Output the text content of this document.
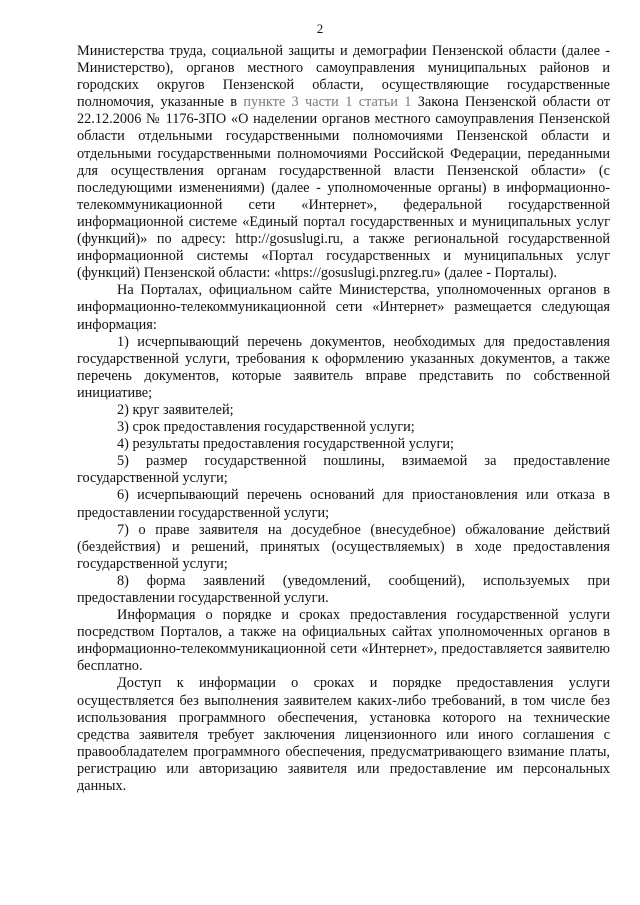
2

Министерства труда, социальной защиты и демографии Пензенской области (далее - Министерство), органов местного самоуправления муниципальных районов и городских округов Пензенской области, осуществляющие государственные полномочия, указанные в пункте 3 части 1 статьи 1 Закона Пензенской области от 22.12.2006 № 1176-ЗПО «О наделении органов местного самоуправления Пензенской области отдельными государственными полномочиями Пензенской области и отдельными государственными полномочиями Российской Федерации, переданными для осуществления органам государственной власти Пензенской области» (с последующими изменениями) (далее - уполномоченные органы) в информационно-телекоммуникационной сети «Интернет», федеральной государственной информационной системе «Единый портал государственных и муниципальных услуг (функций)» по адресу: http://gosuslugi.ru, а также региональной государственной информационной системы «Портал государственных и муниципальных услуг (функций) Пензенской области: «https://gosuslugi.pnzreg.ru» (далее - Порталы).

На Порталах, официальном сайте Министерства, уполномоченных органов в информационно-телекоммуникационной сети «Интернет» размещается следующая информация:

1) исчерпывающий перечень документов, необходимых для предоставления государственной услуги, требования к оформлению указанных документов, а также перечень документов, которые заявитель вправе представить по собственной инициативе;

2) круг заявителей;

3) срок предоставления государственной услуги;

4) результаты предоставления государственной услуги;

5) размер государственной пошлины, взимаемой за предоставление государственной услуги;

6) исчерпывающий перечень оснований для приостановления или отказа в предоставлении государственной услуги;

7) о праве заявителя на досудебное (внесудебное) обжалование действий (бездействия) и решений, принятых (осуществляемых) в ходе предоставления государственной услуги;

8) форма заявлений (уведомлений, сообщений), используемых при предоставлении государственной услуги.

Информация о порядке и сроках предоставления государственной услуги посредством Порталов, а также на официальных сайтах уполномоченных органов в информационно-телекоммуникационной сети «Интернет», предоставляется заявителю бесплатно.

Доступ к информации о сроках и порядке предоставления услуги осуществляется без выполнения заявителем каких-либо требований, в том числе без использования программного обеспечения, установка которого на технические средства заявителя требует заключения лицензионного или иного соглашения с правообладателем программного обеспечения, предусматривающего взимание платы, регистрацию или авторизацию заявителя или предоставление им персональных данных.
